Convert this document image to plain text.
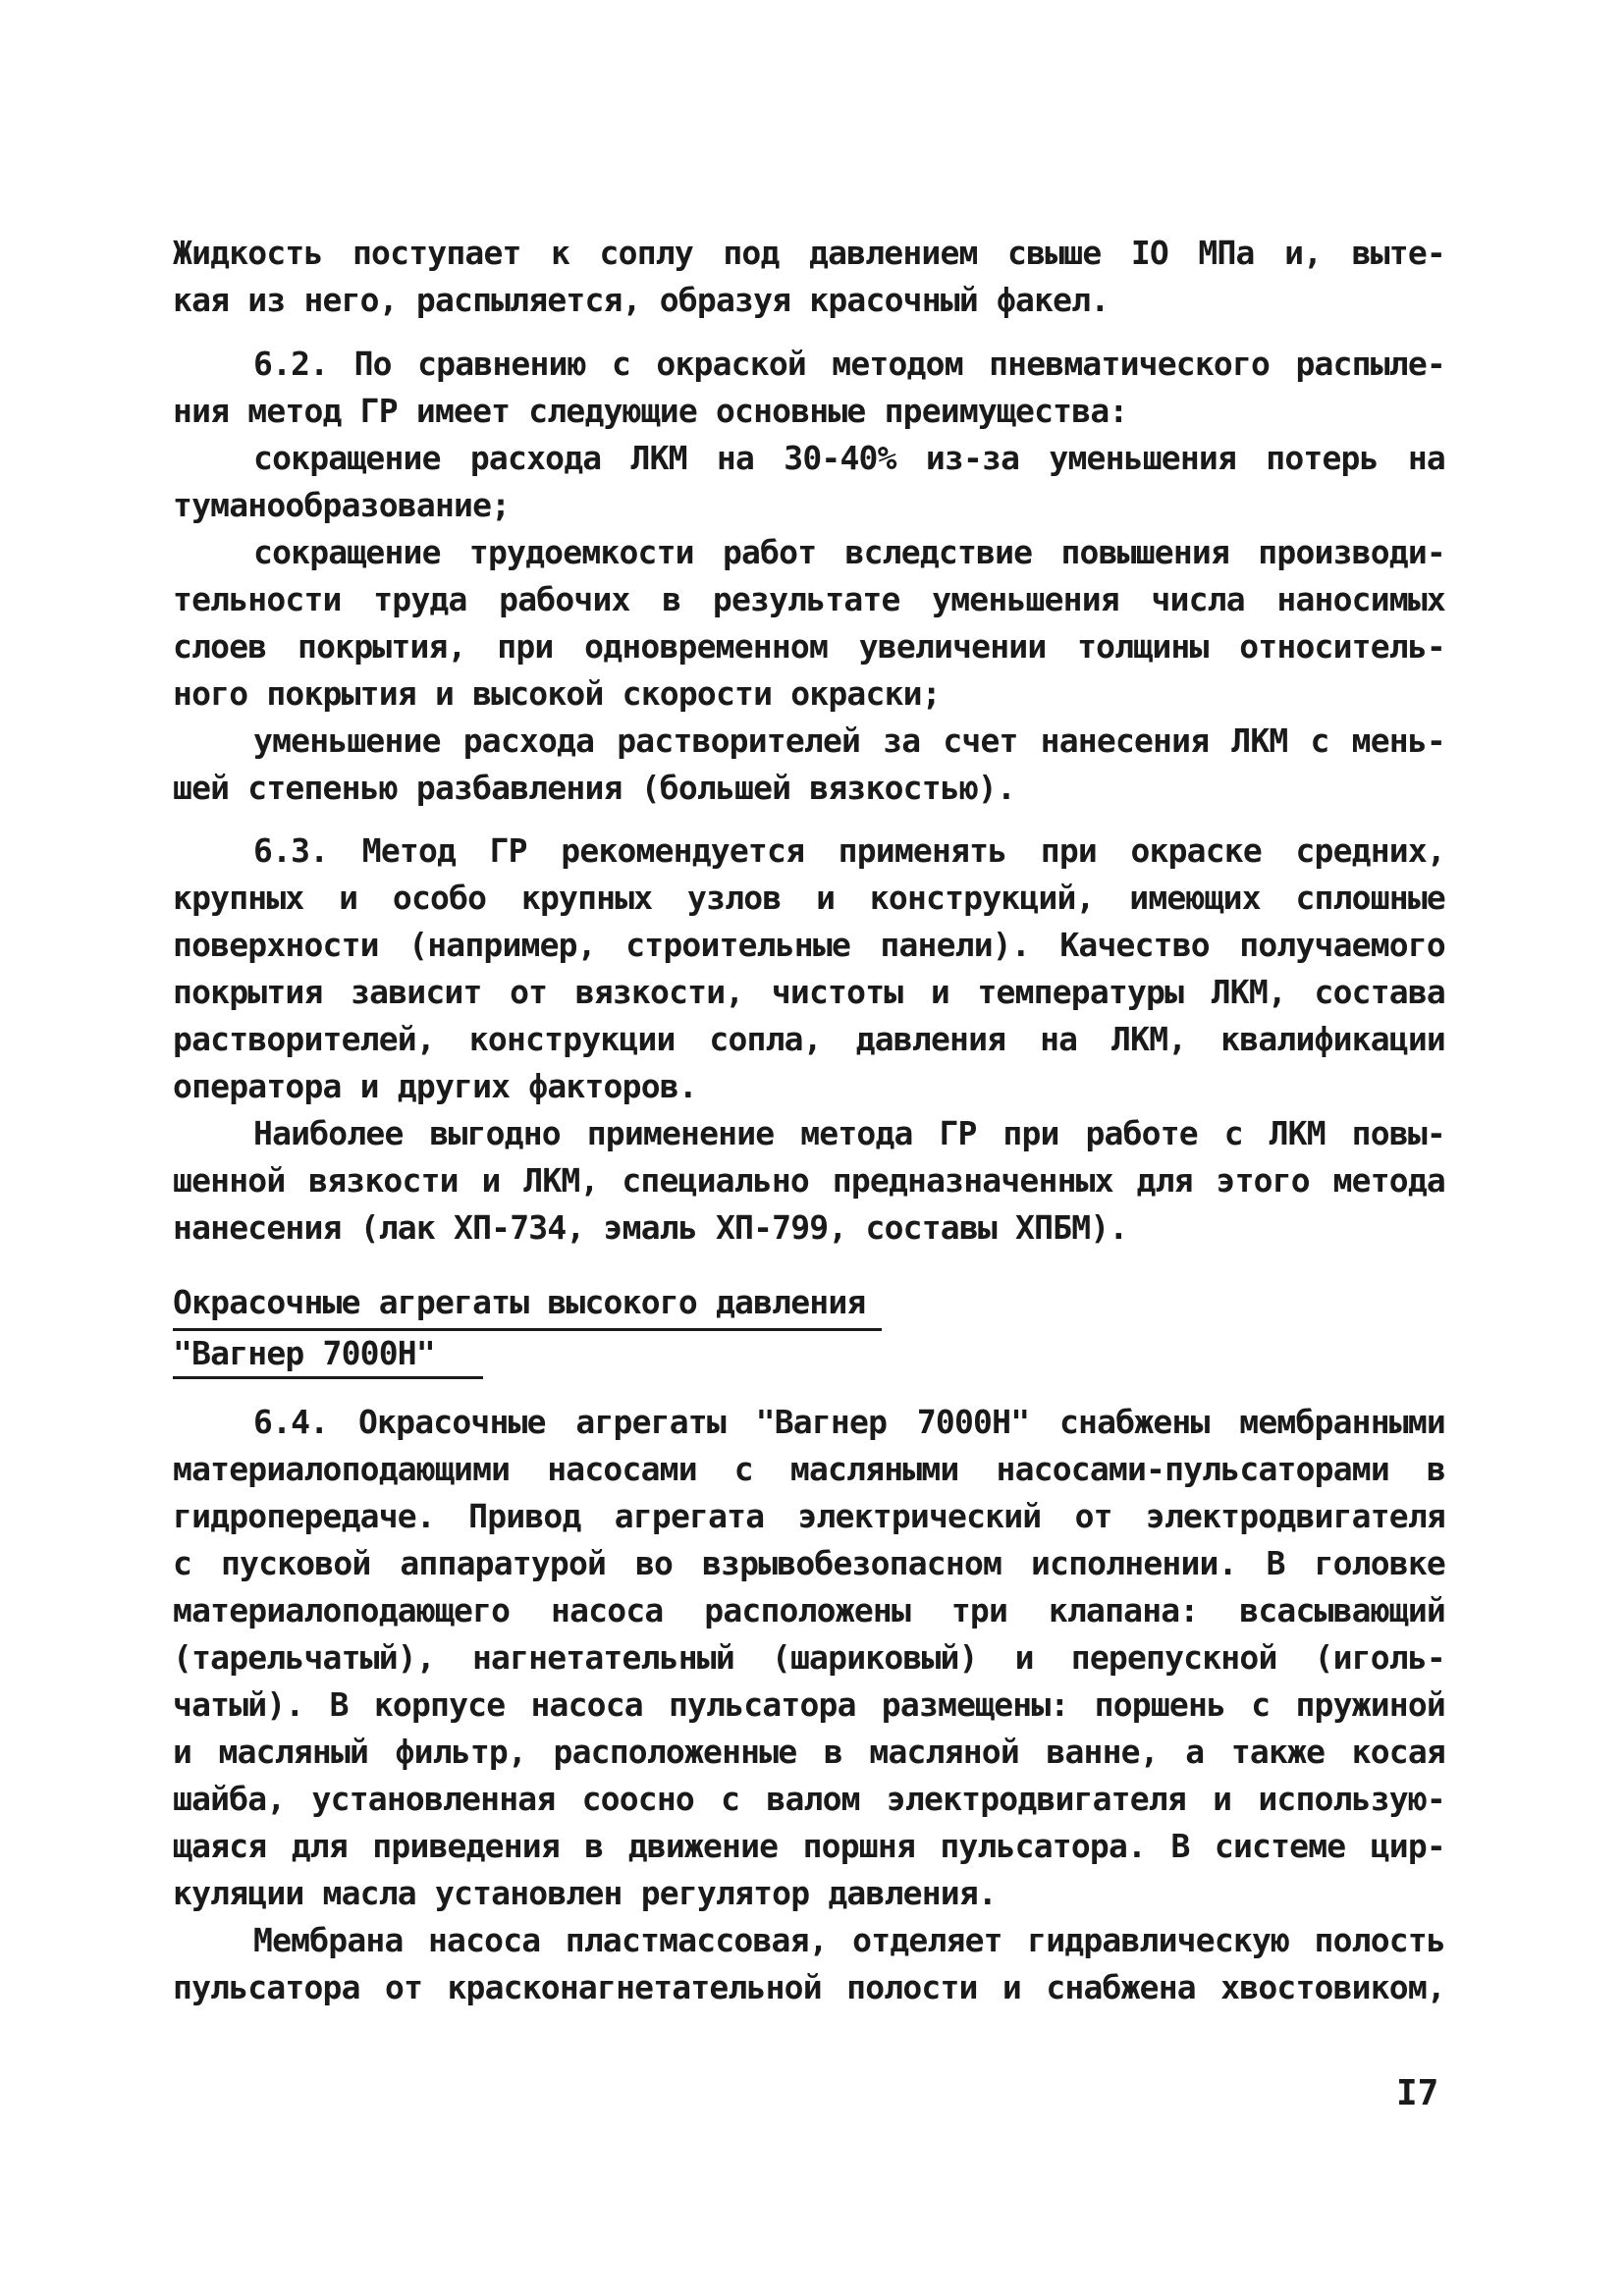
Жидкость поступает к соплу под давлением свыше IO МПа и, выте-
кая из него, распыляется, образуя красочный факел.
6.2. По сравнению с окраской методом пневматического распыле-
ния метод ГР имеет следующие основные преимущества:
сокращение расхода ЛКМ на 30-40% из-за уменьшения потерь на
туманообразование;
сокращение трудоемкости работ вследствие повышения производи-
тельности труда рабочих в результате уменьшения числа наносимых
слоев покрытия, при одновременном увеличении толщины относитель-
ного покрытия и высокой скорости окраски;
уменьшение расхода растворителей за счет нанесения ЛКМ с мень-
шей степенью разбавления (большей вязкостью).
6.3. Метод ГР рекомендуется применять при окраске средних,
крупных и особо крупных узлов и конструкций, имеющих сплошные
поверхности (например, строительные панели). Качество получаемого
покрытия зависит от вязкости, чистоты и температуры ЛКМ, состава
растворителей, конструкции сопла, давления на ЛКМ, квалификации
оператора и других факторов.
Наиболее выгодно применение метода ГР при работе с ЛКМ повы-
шенной вязкости и ЛКМ, специально предназначенных для этого метода
нанесения (лак ХП-734, эмаль ХП-799, составы ХПБМ).
Окрасочные агрегаты высокого давления
"Вагнер 7000Н"
6.4. Окрасочные агрегаты "Вагнер 7000Н" снабжены мембранными
материалоподающими насосами с масляными насосами-пульсаторами в
гидропередаче. Привод агрегата электрический от электродвигателя
с пусковой аппаратурой во взрывобезопасном исполнении. В головке
материалоподающего насоса расположены три клапана: всасывающий
(тарельчатый), нагнетательный (шариковый) и перепускной (иголь-
чатый). В корпусе насоса пульсатора размещены: поршень с пружиной
и масляный фильтр, расположенные в масляной ванне, а также косая
шайба, установленная соосно с валом электродвигателя и использую-
щаяся для приведения в движение поршня пульсатора. В системе цир-
куляции масла установлен регулятор давления.
Мембрана насоса пластмассовая, отделяет гидравлическую полость
пульсатора от красконагнетательной полости и снабжена хвостовиком,
I7
